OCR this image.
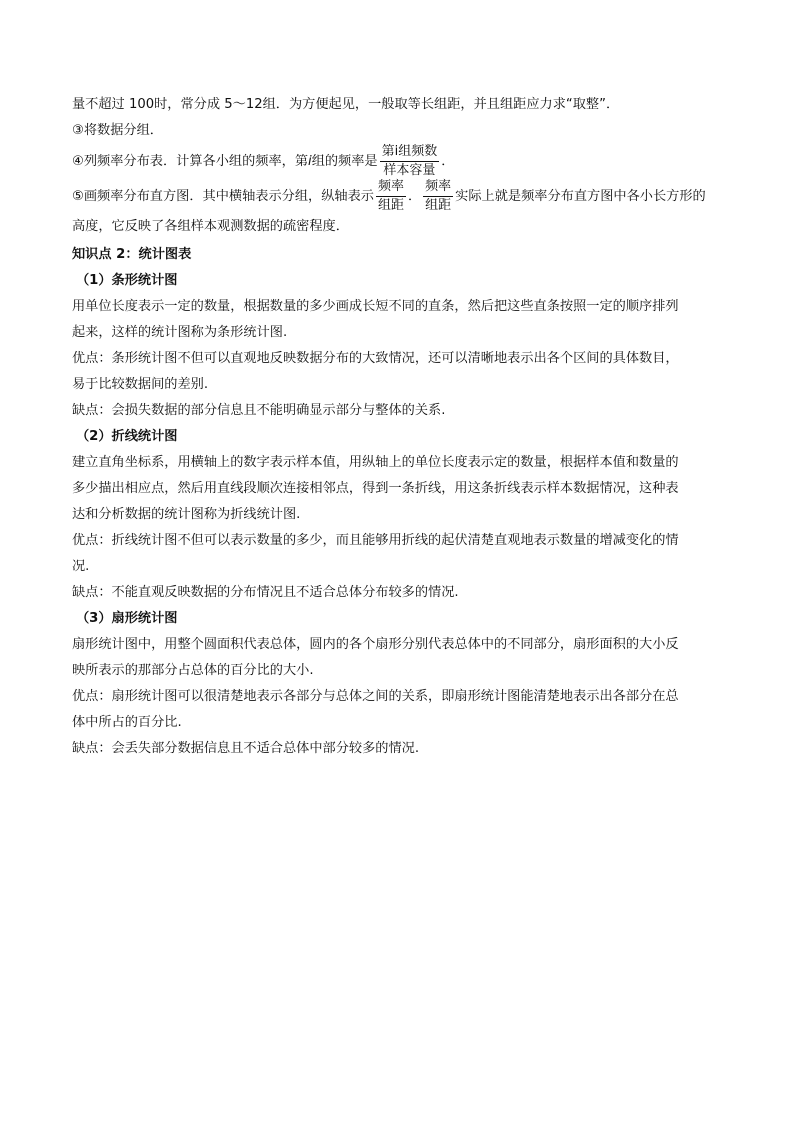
量不超过 100时，常分成 5～12组．为方便起见，一般取等长组距，并且组距应力求“取整”．

③将数据分组．

④列频率分布表．计算各小组的频率，第 i 组的频率是 $\frac{\text{第i组频数}}{\text{样本容量}}$ ．
⑤画频率分布直方图．其中横轴表示分组，纵轴表示 $\frac{\text{频率}}{\text{组距}}$ ． $\frac{\text{频率}}{\text{组距}}$ 实际上就是频率分布直方图中各小长方形的

高度，它反映了各组样本观测数据的疏密程度．

知识点 2：统计图表

（1）条形统计图

用单位长度表示一定的数量，根据数量的多少画成长短不同的直条，然后把这些直条按照一定的顺序排列

起来，这样的统计图称为条形统计图.

优点：条形统计图不但可以直观地反映数据分布的大致情况，还可以清晰地表示出各个区间的具体数目，

易于比较数据间的差别.

缺点：会损失数据的部分信息且不能明确显示部分与整体的关系.

（2）折线统计图

建立直角坐标系，用横轴上的数字表示样本值，用纵轴上的单位长度表示定的数量，根据样本值和数量的

多少描出相应点，然后用直线段顺次连接相邻点，得到一条折线，用这条折线表示样本数据情况，这种表

达和分析数据的统计图称为折线统计图.

优点：折线统计图不但可以表示数量的多少，而且能够用折线的起伏清楚直观地表示数量的增减变化的情

况.

缺点：不能直观反映数据的分布情况且不适合总体分布较多的情况.

（3）扇形统计图

扇形统计图中，用整个圆面积代表总体，圆内的各个扇形分别代表总体中的不同部分，扇形面积的大小反

映所表示的那部分占总体的百分比的大小.

优点：扇形统计图可以很清楚地表示各部分与总体之间的关系，即扇形统计图能清楚地表示出各部分在总

体中所占的百分比.

缺点：会丢失部分数据信息且不适合总体中部分较多的情况.
